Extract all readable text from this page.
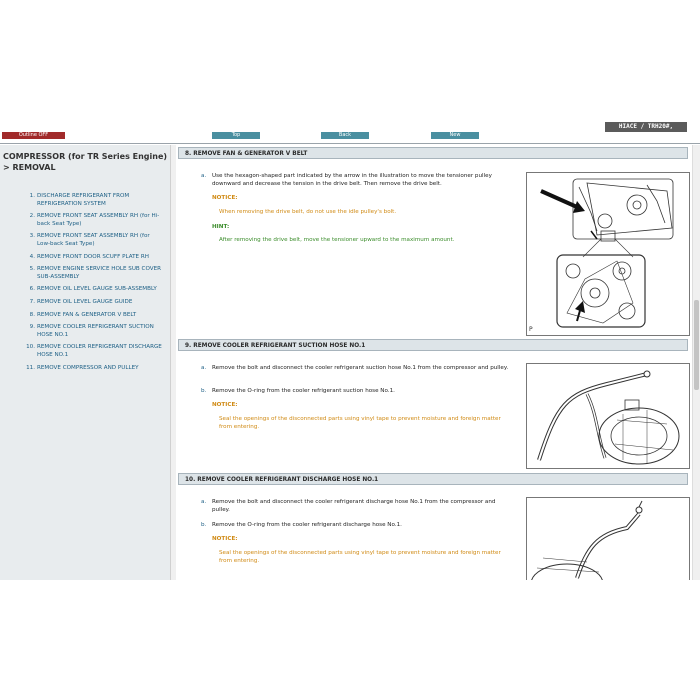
Outline OFF	Top	Back	New
HIACE / TRH20#,
COMPRESSOR (for TR Series Engine) > REMOVAL
1. DISCHARGE REFRIGERANT FROM REFRIGERATION SYSTEM
2. REMOVE FRONT SEAT ASSEMBLY RH (for Hi-back Seat Type)
3. REMOVE FRONT SEAT ASSEMBLY RH (for Low-back Seat Type)
4. REMOVE FRONT DOOR SCUFF PLATE RH
5. REMOVE ENGINE SERVICE HOLE SUB COVER SUB-ASSEMBLY
6. REMOVE OIL LEVEL GAUGE SUB-ASSEMBLY
7. REMOVE OIL LEVEL GAUGE GUIDE
8. REMOVE FAN & GENERATOR V BELT
9. REMOVE COOLER REFRIGERANT SUCTION HOSE NO.1
10. REMOVE COOLER REFRIGERANT DISCHARGE HOSE NO.1
11. REMOVE COMPRESSOR AND PULLEY
8. REMOVE FAN & GENERATOR V BELT
a. Use the hexagon-shaped part indicated by the arrow in the illustration to move the tensioner pulley downward and decrease the tension in the drive belt. Then remove the drive belt.
NOTICE:
When removing the drive belt, do not use the idle pulley's bolt.
HINT:
After removing the drive belt, move the tensioner upward to the maximum amount.
P
9. REMOVE COOLER REFRIGERANT SUCTION HOSE NO.1
a. Remove the bolt and disconnect the cooler refrigerant suction hose No.1 from the compressor and pulley.
b. Remove the O-ring from the cooler refrigerant suction hose No.1.
NOTICE:
Seal the openings of the disconnected parts using vinyl tape to prevent moisture and foreign matter from entering.
10. REMOVE COOLER REFRIGERANT DISCHARGE HOSE NO.1
a. Remove the bolt and disconnect the cooler refrigerant discharge hose No.1 from the compressor and pulley.
b. Remove the O-ring from the cooler refrigerant discharge hose No.1.
NOTICE:
Seal the openings of the disconnected parts using vinyl tape to prevent moisture and foreign matter from entering.
